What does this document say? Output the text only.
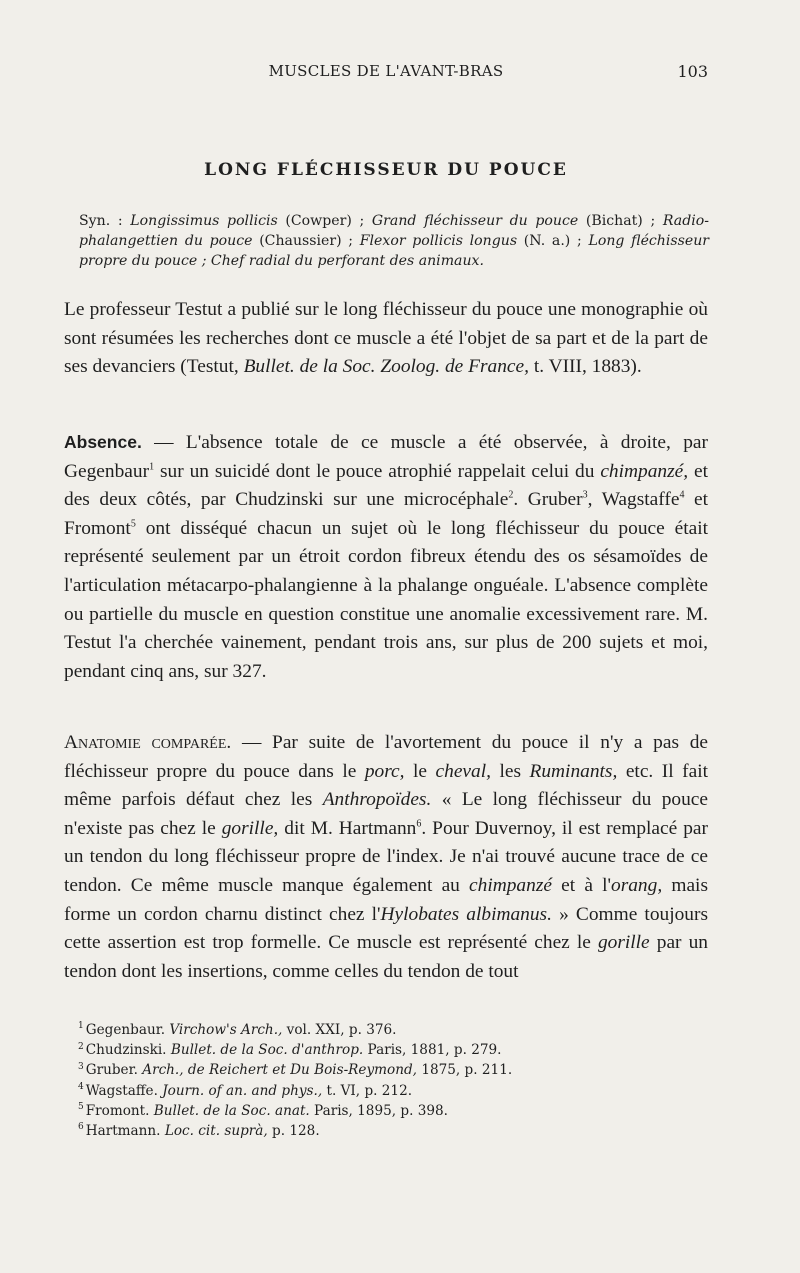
MUSCLES DE L'AVANT-BRAS	103
LONG FLÉCHISSEUR DU POUCE

Syn. : Longissimus pollicis (Cowper) ; Grand fléchisseur du pouce (Bichat) ; Radio-phalangettien du pouce (Chaussier) ; Flexor pollicis longus (N. a.) ; Long fléchisseur propre du pouce ; Chef radial du perforant des animaux.

Le professeur Testut a publié sur le long fléchisseur du pouce une monographie où sont résumées les recherches dont ce muscle a été l'objet de sa part et de la part de ses devanciers (Testut, Bullet. de la Soc. Zoolog. de France, t. VIII, 1883).

Absence. — L'absence totale de ce muscle a été observée, à droite, par Gegenbaur$^1$ sur un suicidé dont le pouce atrophié rappelait celui du chimpanzé, et des deux côtés, par Chudzinski sur une microcéphale$^2$. Gruber$^3$, Wagstaffe$^4$ et Fromont$^5$ ont disséqué chacun un sujet où le long fléchisseur du pouce était représenté seulement par un étroit cordon fibreux étendu des os sésamoïdes de l'articulation métacarpo-phalangienne à la phalange onguéale. L'absence complète ou partielle du muscle en question constitue une anomalie excessivement rare. M. Testut l'a cherchée vainement, pendant trois ans, sur plus de 200 sujets et moi, pendant cinq ans, sur 327.

Anatomie comparée. — Par suite de l'avortement du pouce il n'y a pas de fléchisseur propre du pouce dans le porc, le cheval, les Ruminants, etc. Il fait même parfois défaut chez les Anthropoïdes. « Le long fléchisseur du pouce n'existe pas chez le gorille, dit M. Hartmann$^6$. Pour Duvernoy, il est remplacé par un tendon du long fléchisseur propre de l'index. Je n'ai trouvé aucune trace de ce tendon. Ce même muscle manque également au chimpanzé et à l'orang, mais forme un cordon charnu distinct chez l'Hylobates albimanus. » Comme toujours cette assertion est trop formelle. Ce muscle est représenté chez le gorille par un tendon dont les insertions, comme celles du tendon de tout

$^1$ Gegenbaur. Virchow's Arch., vol. XXI, p. 376.
$^2$ Chudzinski. Bullet. de la Soc. d'anthrop. Paris, 1881, p. 279.
$^3$ Gruber. Arch., de Reichert et Du Bois-Reymond, 1875, p. 211.
$^4$ Wagstaffe. Journ. of an. and phys., t. VI, p. 212.
$^5$ Fromont. Bullet. de la Soc. anat. Paris, 1895, p. 398.
$^6$ Hartmann. Loc. cit. suprà, p. 128.
